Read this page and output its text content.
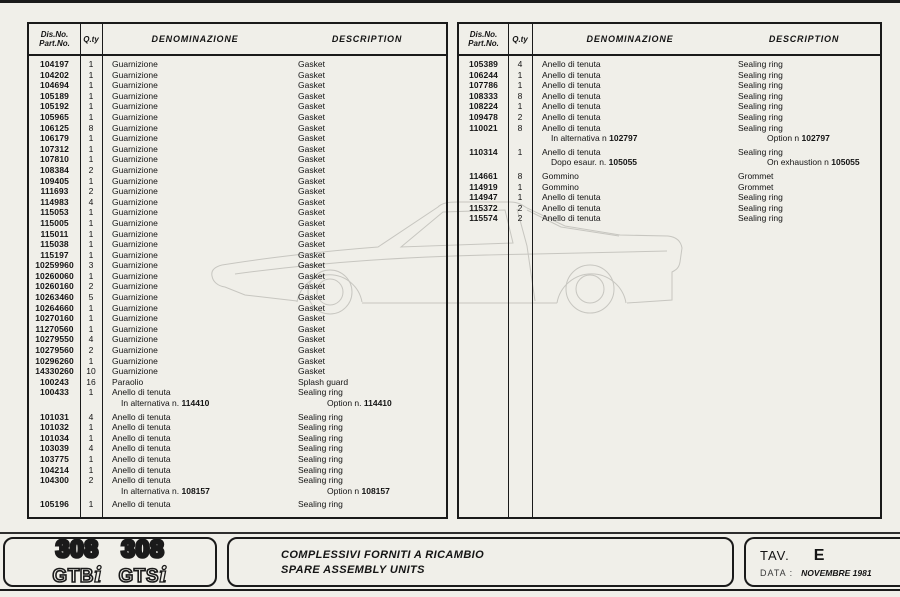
Dis.No.
Part.No.	Q.ty	DENOMINAZIONE	DESCRIPTION
104197	1	Guarnizione	Gasket
104202	1	Guarnizione	Gasket
104694	1	Guarnizione	Gasket
105189	1	Guarnizione	Gasket
105192	1	Guarnizione	Gasket
105965	1	Guarnizione	Gasket
106125	8	Guarnizione	Gasket
106179	1	Guarnizione	Gasket
107312	1	Guarnizione	Gasket
107810	1	Guarnizione	Gasket
108384	2	Guarnizione	Gasket
109405	1	Guarnizione	Gasket
111693	2	Guarnizione	Gasket
114983	4	Guarnizione	Gasket
115053	1	Guarnizione	Gasket
115005	1	Guarnizione	Gasket
115011	1	Guarnizione	Gasket
115038	1	Guarnizione	Gasket
115197	1	Guarnizione	Gasket
10259960	3	Guarnizione	Gasket
10260060	1	Guarnizione	Gasket
10260160	2	Guarnizione	Gasket
10263460	5	Guarnizione	Gasket
10264660	1	Guarnizione	Gasket
10270160	1	Guarnizione	Gasket
11270560	1	Guarnizione	Gasket
10279550	4	Guarnizione	Gasket
10279560	2	Guarnizione	Gasket
10296260	1	Guarnizione	Gasket
14330260	10	Guarnizione	Gasket
100243	16	Paraolio	Splash guard
100433	1	Anello di tenuta	Sealing ring
In alternativa n. 114410	Option n. 114410
101031	4	Anello di tenuta	Sealing ring
101032	1	Anello di tenuta	Sealing ring
101034	1	Anello di tenuta	Sealing ring
103039	4	Anello di tenuta	Sealing ring
103775	1	Anello di tenuta	Sealing ring
104214	1	Anello di tenuta	Sealing ring
104300	2	Anello di tenuta	Sealing ring
In alternativa n. 108157	Option n 108157
105196	1	Anello di tenuta	Sealing ring
Dis.No.
Part.No.	Q.ty	DENOMINAZIONE	DESCRIPTION
105389	4	Anello di tenuta	Sealing ring
106244	1	Anello di tenuta	Sealing ring
107786	1	Anello di tenuta	Sealing ring
108333	8	Anello di tenuta	Sealing ring
108224	1	Anello di tenuta	Sealing ring
109478	2	Anello di tenuta	Sealing ring
110021	8	Anello di tenuta	Sealing ring
In alternativa n 102797	Option n 102797
110314	1	Anello di tenuta	Sealing ring
Dopo esaur. n. 105055	On exhaustion n 105055
114661	8	Gommino	Grommet
114919	1	Gommino	Grommet
114947	1	Anello di tenuta	Sealing ring
115372	2	Anello di tenuta	Sealing ring
115574	2	Anello di tenuta	Sealing ring
308
GTBi
308
GTSi
COMPLESSIVI FORNITI A RICAMBIO
SPARE ASSEMBLY UNITS
TAV. E
DATA : NOVEMBRE 1981
